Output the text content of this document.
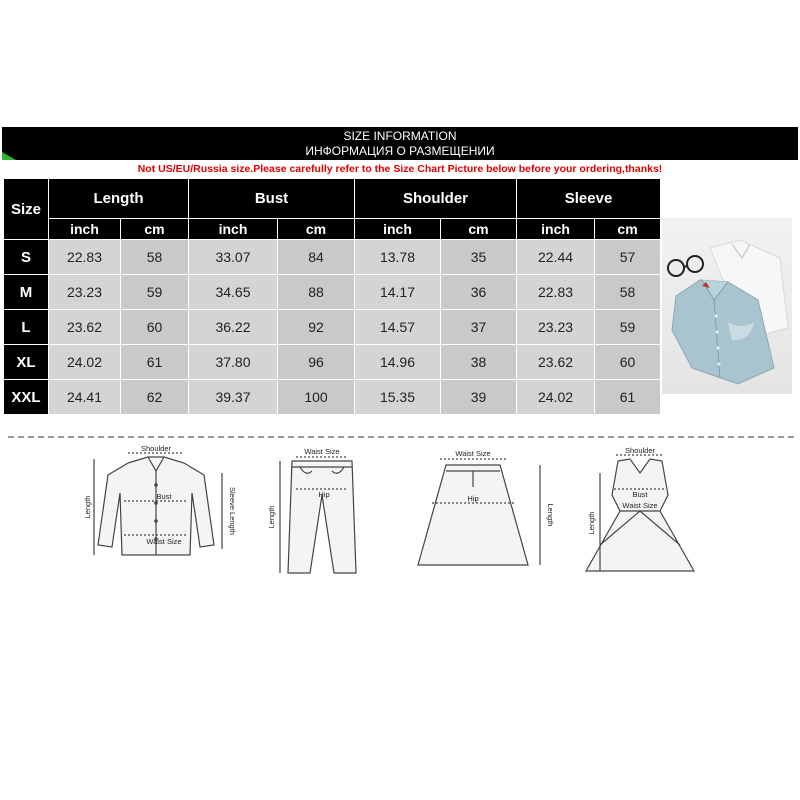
SIZE INFORMATION
ИНФОРМАЦИЯ О РАЗМЕЩЕНИИ
Not US/EU/Russia size.Please carefully refer to the Size Chart Picture below before your ordering,thanks!
Size	Length		Bust		Shoulder		Sleeve	
	inch	cm	inch	cm	inch	cm	inch	cm
S	22.83	58	33.07	84	13.78	35	22.44	57
M	23.23	59	34.65	88	14.17	36	22.83	58
L	23.62	60	36.22	92	14.57	37	23.23	59
XL	24.02	61	37.80	96	14.96	38	23.62	60
XXL	24.41	62	39.37	100	15.35	39	24.02	61
Shoulder
Bust
Waist Size
Length	Sleeve Length
Waist Size
Hip
Length
Waist Size
Hip
Length
Shoulder
Bust
Waist Size
Length
